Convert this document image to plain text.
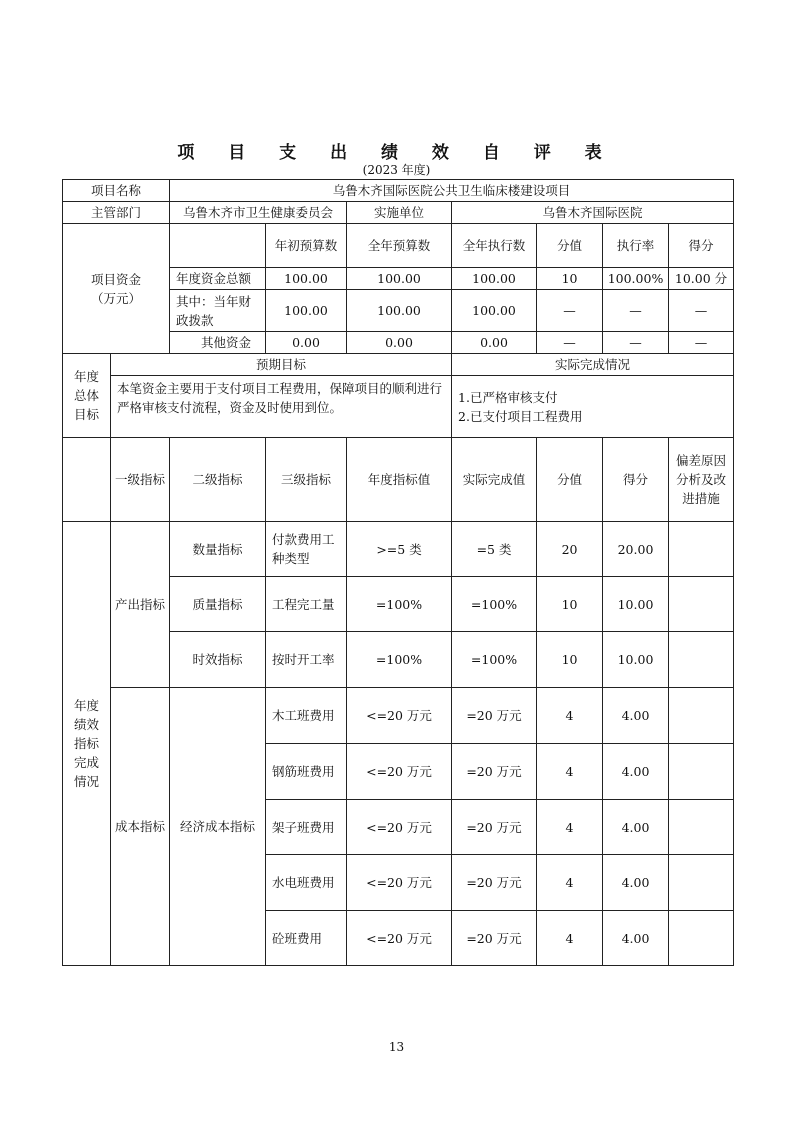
项 目 支 出 绩 效 自 评 表
(2023 年度)
项目名称		乌鲁木齐国际医院公共卫生临床楼建设项目						
主管部门		乌鲁木齐市卫生健康委员会		实施单位	乌鲁木齐国际医院			
项目资金
（万元）			年初预算数	全年预算数	全年执行数	分值	执行率	得分
		年度资金总额	100.00	100.00	100.00	10	100.00%	10.00 分
		其中：当年财政拨款	100.00	100.00	100.00	—	—	—
		其他资金	0.00	0.00	0.00	—	—	—
年度
总体
目标	预期目标				实际完成情况			
	本笔资金主要用于支付项目工程费用，保障项目的顺利进行
严格审核支付流程，资金及时使用到位。				1.已严格审核支付
2.已支付项目工程费用			
	一级指标	二级指标	三级指标	年度指标值	实际完成值	分值	得分	偏差原因分析及改进措施
年度
绩效
指标
完成
情况	产出指标	数量指标	付款费用工种类型	>=5 类	=5 类	20	20.00	
		质量指标	工程完工量	=100%	=100%	10	10.00	
		时效指标	按时开工率	=100%	=100%	10	10.00	
	成本指标	经济成本指标	木工班费用	<=20 万元	=20 万元	4	4.00	
			钢筋班费用	<=20 万元	=20 万元	4	4.00	
			架子班费用	<=20 万元	=20 万元	4	4.00	
			水电班费用	<=20 万元	=20 万元	4	4.00	
			砼班费用	<=20 万元	=20 万元	4	4.00	
13
